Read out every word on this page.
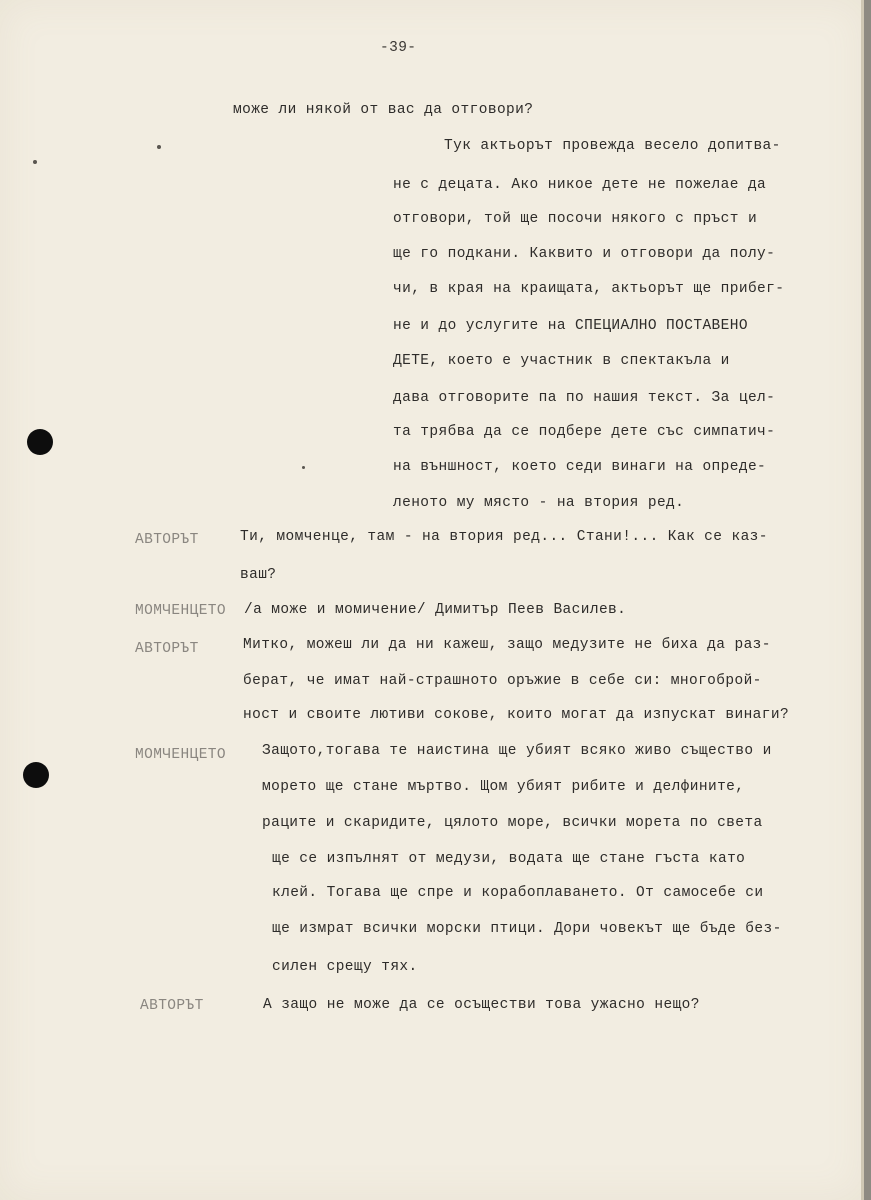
-39-
можe ли някой от вас да отговори?
Тук актьорът провежда весело допитва-
не с децата. Ако никое дете не пожелае да
отговори, той ще посочи някого с пръст и
ще го подкани. Каквито и отговори да полу-
чи, в края на краищата, актьорът ще прибег-
не и до услугите на СПЕЦИАЛНО ПОСТАВЕНО
ДЕТЕ, което е участник в спектакъла и
дава отговорите па по нашия текст. За цел-
та трябва да се подбере дете със симпатич-
на външност, което седи винаги на опреде-
леното му място - на втория ред.
АВТОРЪТ	Ти, момченце, там - на втория ред... Стани!... Как се каз-
ваш?
МОМЧЕНЦЕТО /а може и момичение/ Димитър Пеев Василев.
АВТОРЪТ	Митко, можеш ли да ни кажеш, защо медузите не биха да раз-
берат, че имат най-страшното оръжие в себе си: многоброй-
ност и своите лютиви сокове, които могат да изпускат винаги?
МОМЧЕНЦЕТО Защото,тогава те наистина ще убият всяко живо същество и
морето ще стане мъртво. Щом убият рибите и делфините,
раците и скаридите, цялото море, всички морета по света
ще се изпълнят от медузи, водата ще стане гъста като
клей. Тогава ще спре и корабоплаването. От самосебе си
ще измрат всички морски птици. Дори човекът ще бъде без-
силен срещу тях.
АВТОРЪТ	А защо не може да се осъществи това ужасно нещо?
